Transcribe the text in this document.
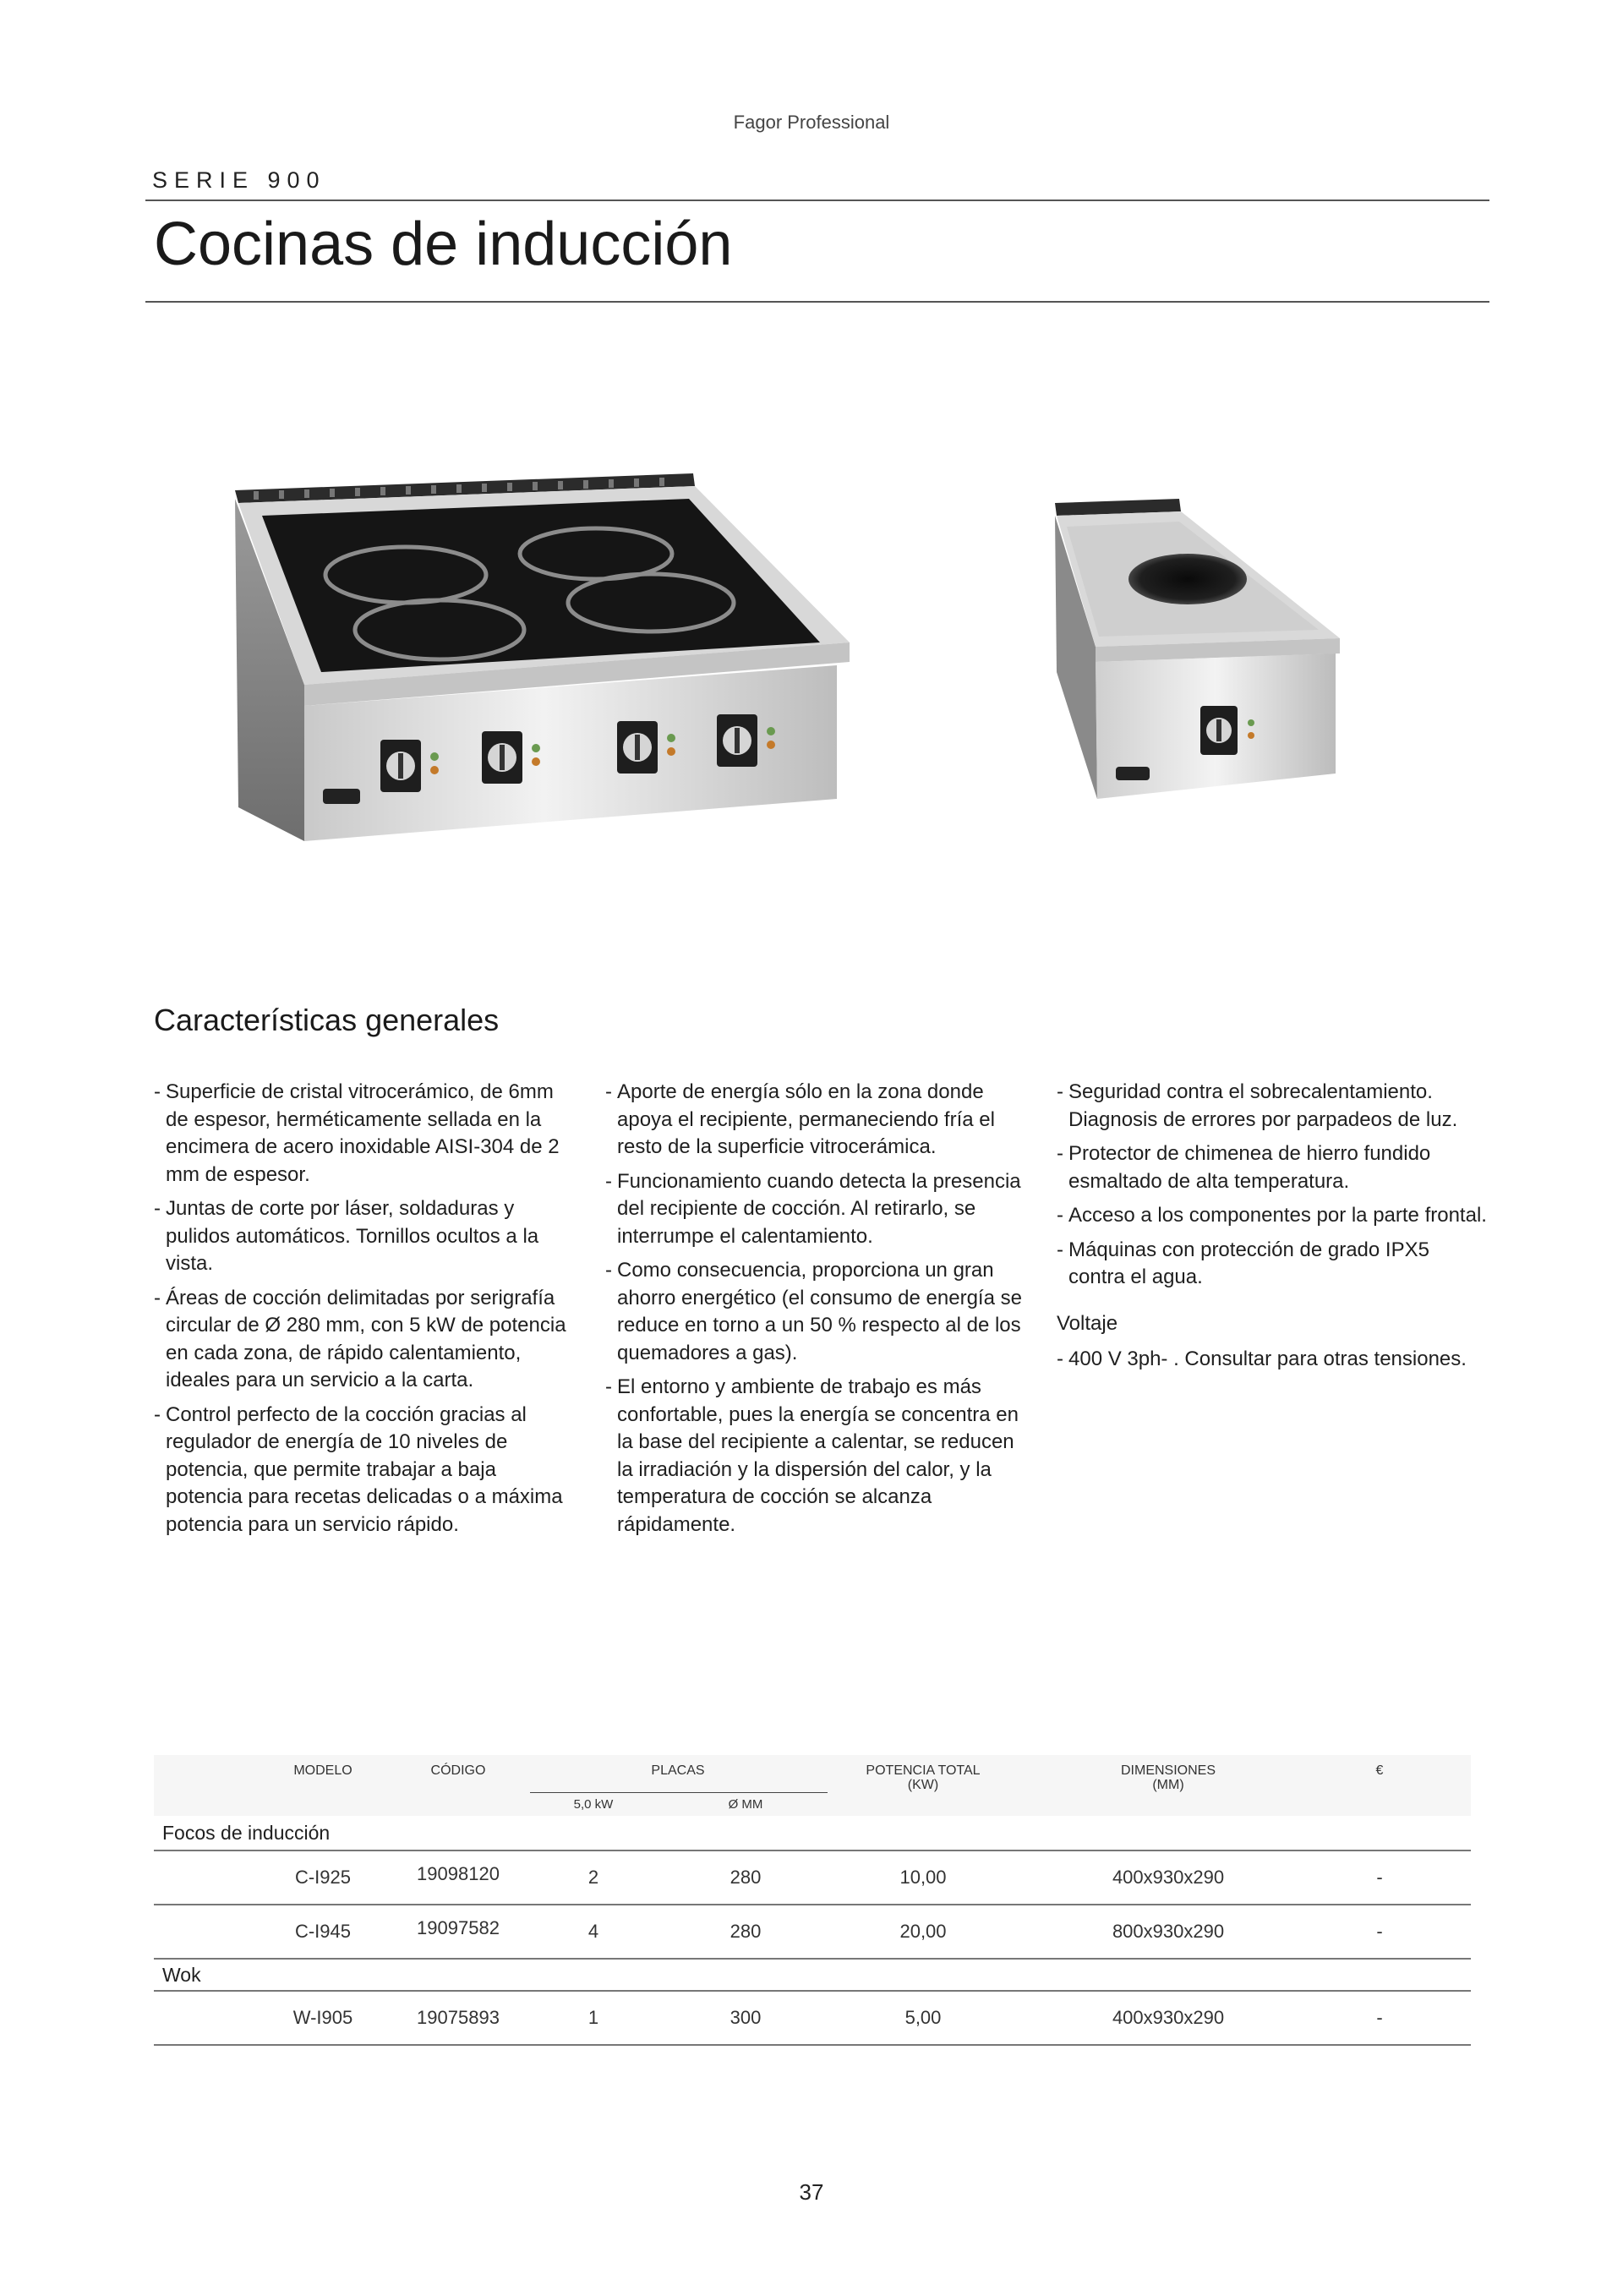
Fagor Professional
SERIE 900
Cocinas de inducción
Características generales
- Superficie de cristal vitrocerámico, de 6mm de espesor, herméticamente sellada en la encimera de acero inoxidable AISI-304 de 2 mm de espesor.
- Juntas de corte por láser, soldaduras y pulidos automáticos. Tornillos ocultos a la vista.
- Áreas de cocción delimitadas por serigrafía circular de Ø 280 mm, con 5 kW de potencia en cada zona, de rápido calentamiento, ideales para un servicio a la carta.
- Control perfecto de la cocción gracias al regulador de energía de 10 niveles de potencia, que permite trabajar a baja potencia para recetas delicadas o a máxima potencia para un servicio rápido.
- Aporte de energía sólo en la zona donde apoya el recipiente, permaneciendo fría el resto de la superficie vitrocerámica.
- Funcionamiento cuando detecta la presencia del recipiente de cocción. Al retirarlo, se interrumpe el calentamiento.
- Como consecuencia, proporciona un gran ahorro energético (el consumo de energía se reduce en torno a un 50 % respecto al de los quemadores a gas).
- El entorno y ambiente de trabajo es más confortable, pues la energía se concentra en la base del recipiente a calentar, se reducen la irradiación y la dispersión del calor, y la temperatura de cocción se alcanza rápidamente.
- Seguridad contra el sobrecalentamiento. Diagnosis de errores por parpadeos de luz.
- Protector de chimenea de hierro fundido esmaltado de alta temperatura.
- Acceso a los componentes por la parte frontal.
- Máquinas con protección de grado IPX5 contra el agua.
Voltaje
- 400 V 3ph- . Consultar para otras tensiones.
MODELO	CÓDIGO	PLACAS
5,0 kW	Ø MM
POTENCIA TOTAL
(KW)
DIMENSIONES
(MM)
€
Focos de inducción
C-I925	19098120	2	280	10,00	400x930x290	-
C-I945	19097582	4	280	20,00	800x930x290	-
Wok
W-I905	19075893	1	300	5,00	400x930x290	-
37
